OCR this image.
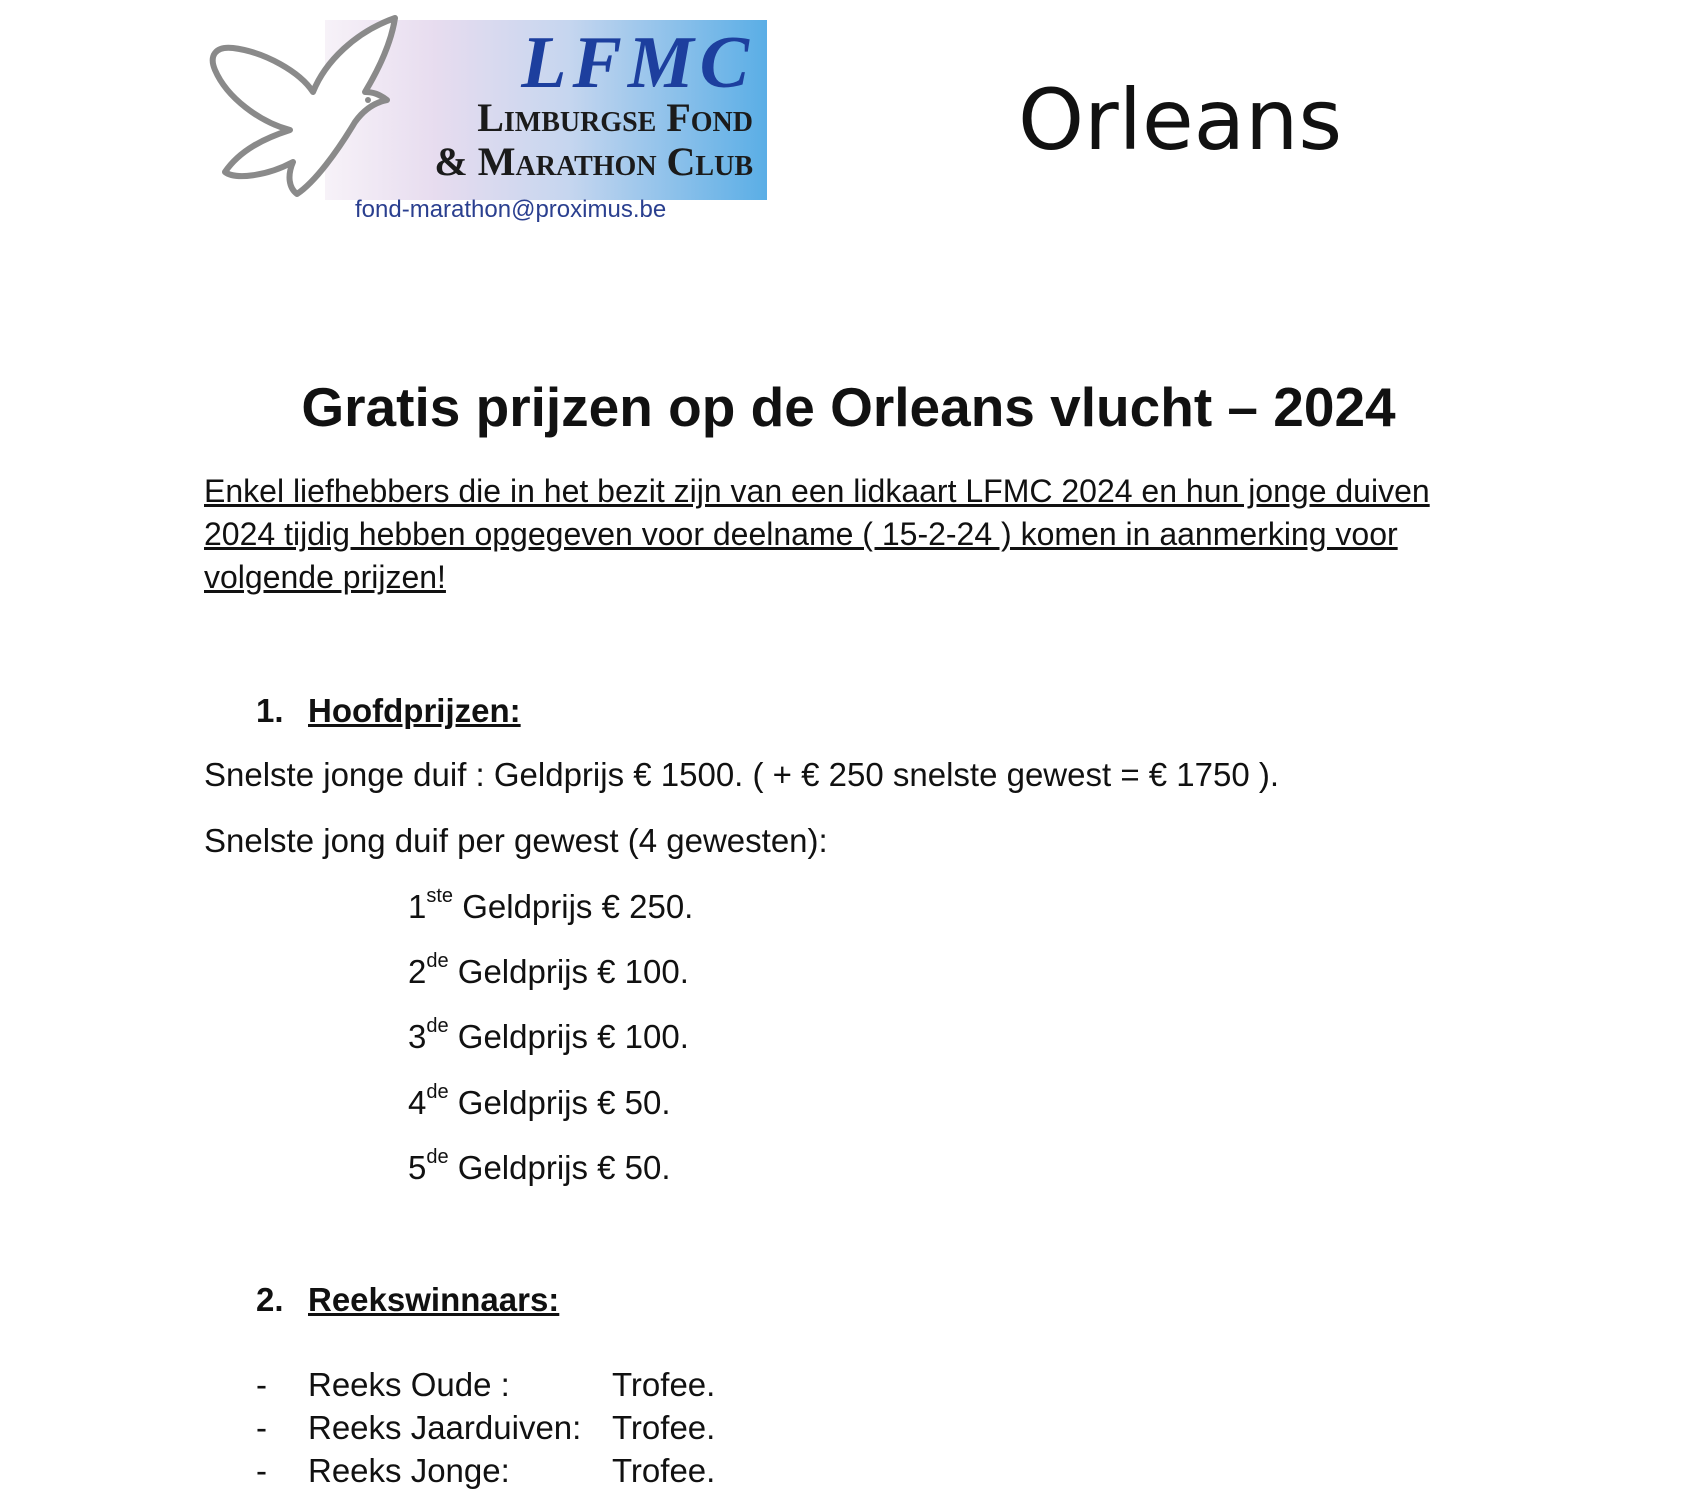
LFMC
Limburgse Fond
& Marathon Club
fond-marathon@proximus.be
Orleans
Gratis prijzen op de Orleans vlucht – 2024
Enkel liefhebbers die in het bezit zijn van een lidkaart LFMC 2024 en hun jonge duiven 2024 tijdig hebben opgegeven voor deelname ( 15-2-24 ) komen in aanmerking voor volgende prijzen!
1. Hoofdprijzen:
Snelste jonge duif : Geldprijs € 1500. ( + € 250 snelste gewest = € 1750 ).
Snelste jong duif per gewest (4 gewesten):
1ste Geldprijs € 250.
2de Geldprijs € 100.
3de Geldprijs € 100.
4de Geldprijs € 50.
5de Geldprijs € 50.
2. Reekswinnaars:
- Reeks Oude :	Trofee.
- Reeks Jaarduiven: Trofee.
- Reeks Jonge:	Trofee.
